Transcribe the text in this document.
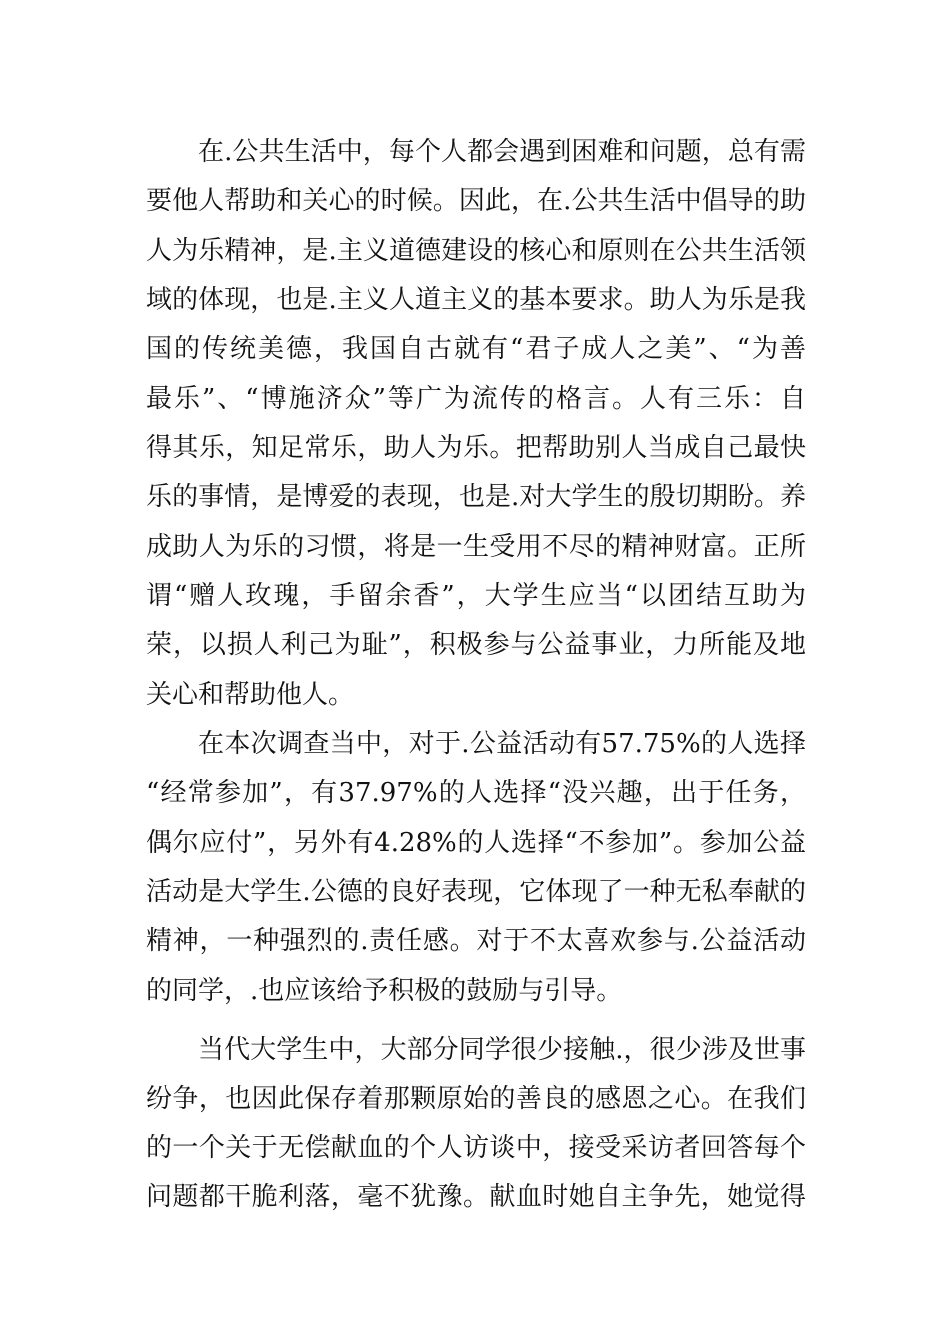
在.公共生活中，每个人都会遇到困难和问题，总有需
要他人帮助和关心的时候。因此，在.公共生活中倡导的助
人为乐精神，是.主义道德建设的核心和原则在公共生活领
域的体现，也是.主义人道主义的基本要求。助人为乐是我
国的传统美德，我国自古就有“君子成人之美”、“为善
最乐”、“博施济众”等广为流传的格言。人有三乐：自
得其乐，知足常乐，助人为乐。把帮助别人当成自己最快
乐的事情，是博爱的表现，也是.对大学生的殷切期盼。养
成助人为乐的习惯，将是一生受用不尽的精神财富。正所
谓“赠人玫瑰，手留余香”，大学生应当“以团结互助为
荣，以损人利己为耻”，积极参与公益事业，力所能及地
关心和帮助他人。
在本次调查当中，对于.公益活动有57.75%的人选择
“经常参加”，有37.97%的人选择“没兴趣，出于任务，
偶尔应付”，另外有4.28%的人选择“不参加”。参加公益
活动是大学生.公德的良好表现，它体现了一种无私奉献的
精神，一种强烈的.责任感。对于不太喜欢参与.公益活动
的同学，.也应该给予积极的鼓励与引导。
当代大学生中，大部分同学很少接触.，很少涉及世事
纷争，也因此保存着那颗原始的善良的感恩之心。在我们
的一个关于无偿献血的个人访谈中，接受采访者回答每个
问题都干脆利落，毫不犹豫。献血时她自主争先，她觉得
